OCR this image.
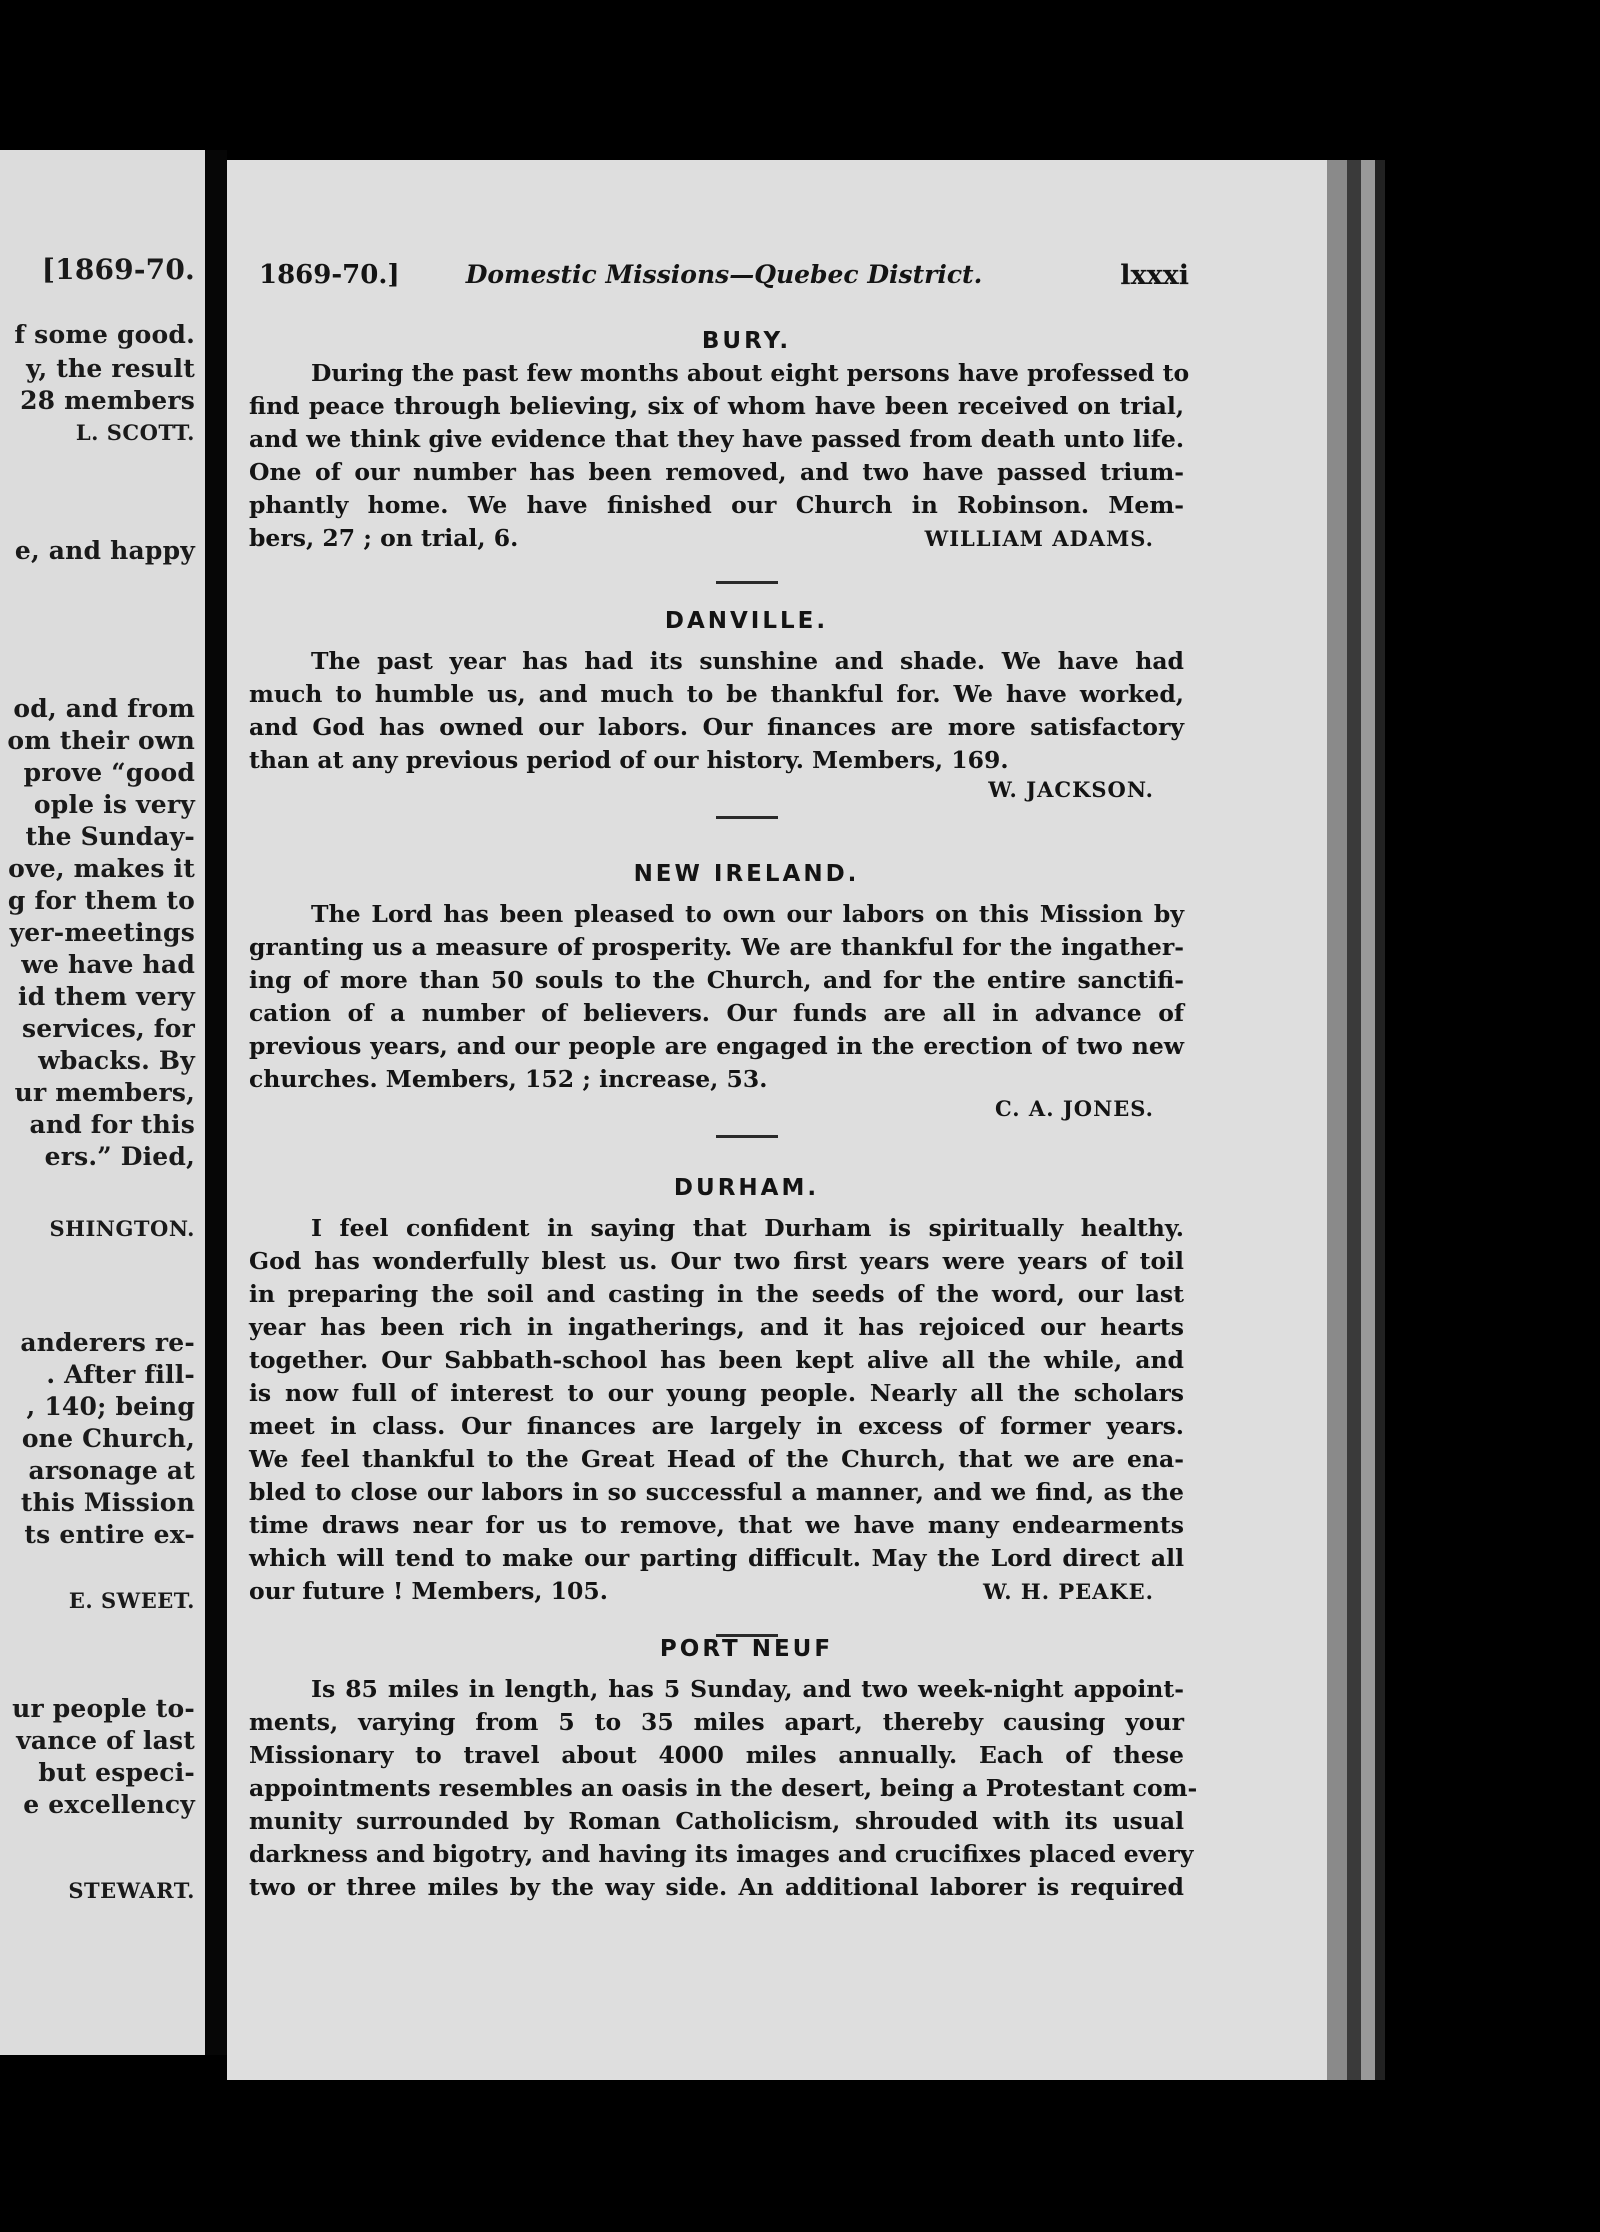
[1869-70.
f some good.
y, the result
28 members
L. SCOTT.
e, and happy
od, and from
om their own
prove “good
ople is very
the Sunday-
ove, makes it
g for them to
yer-meetings
we have had
id them very
services, for
wbacks. By
ur members,
and for this
ers.” Died,
SHINGTON.
anderers re-
. After fill-
, 140; being
one Church,
arsonage at
this Mission
ts entire ex-
E. SWEET.
ur people to-
vance of last
but especi-
e excellency
STEWART.
1869-70.]	Domestic Missions—Quebec District.	lxxxi
BURY.
During the past few months about eight persons have professed to
find peace through believing, six of whom have been received on trial,
and we think give evidence that they have passed from death unto life.
One of our number has been removed, and two have passed trium-
phantly home. We have finished our Church in Robinson. Mem-
bers, 27 ; on trial, 6.	WILLIAM ADAMS.
DANVILLE.
The past year has had its sunshine and shade. We have had
much to humble us, and much to be thankful for. We have worked,
and God has owned our labors. Our finances are more satisfactory
than at any previous period of our history. Members, 169.
W. JACKSON.
NEW IRELAND.
The Lord has been pleased to own our labors on this Mission by
granting us a measure of prosperity. We are thankful for the ingather-
ing of more than 50 souls to the Church, and for the entire sanctifi-
cation of a number of believers. Our funds are all in advance of
previous years, and our people are engaged in the erection of two new
churches. Members, 152 ; increase, 53.
C. A. JONES.
DURHAM.
I feel confident in saying that Durham is spiritually healthy.
God has wonderfully blest us. Our two first years were years of toil
in preparing the soil and casting in the seeds of the word, our last
year has been rich in ingatherings, and it has rejoiced our hearts
together. Our Sabbath-school has been kept alive all the while, and
is now full of interest to our young people. Nearly all the scholars
meet in class. Our finances are largely in excess of former years.
We feel thankful to the Great Head of the Church, that we are ena-
bled to close our labors in so successful a manner, and we find, as the
time draws near for us to remove, that we have many endearments
which will tend to make our parting difficult. May the Lord direct all
our future ! Members, 105.	W. H. PEAKE.
PORT NEUF
Is 85 miles in length, has 5 Sunday, and two week-night appoint-
ments, varying from 5 to 35 miles apart, thereby causing your
Missionary to travel about 4000 miles annually. Each of these
appointments resembles an oasis in the desert, being a Protestant com-
munity surrounded by Roman Catholicism, shrouded with its usual
darkness and bigotry, and having its images and crucifixes placed every
two or three miles by the way side. An additional laborer is required
